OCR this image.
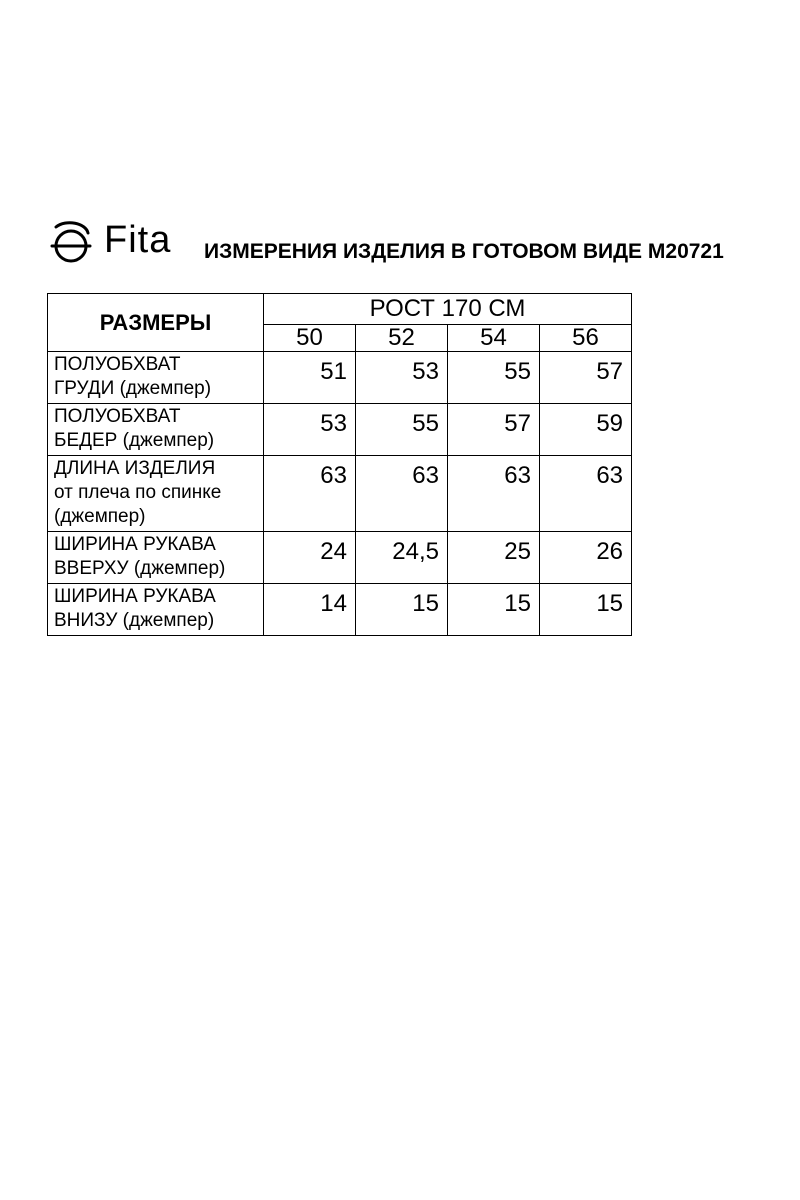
Fita ИЗМЕРЕНИЯ ИЗДЕЛИЯ В ГОТОВОМ ВИДЕ M20721
РАЗМЕРЫ	РОСТ 170 СМ			
	50	52	54	56

ПОЛУОБХВАТ
ГРУДИ (джемпер)	51	53	55	57

ПОЛУОБХВАТ
БЕДЕР (джемпер)	53	55	57	59

ДЛИНА ИЗДЕЛИЯ
от плеча по спинке
(джемпер)	63	63	63	63

ШИРИНА РУКАВА
ВВЕРХУ (джемпер)	24	24,5	25	26

ШИРИНА РУКАВА
ВНИЗУ (джемпер)	14	15	15	15
